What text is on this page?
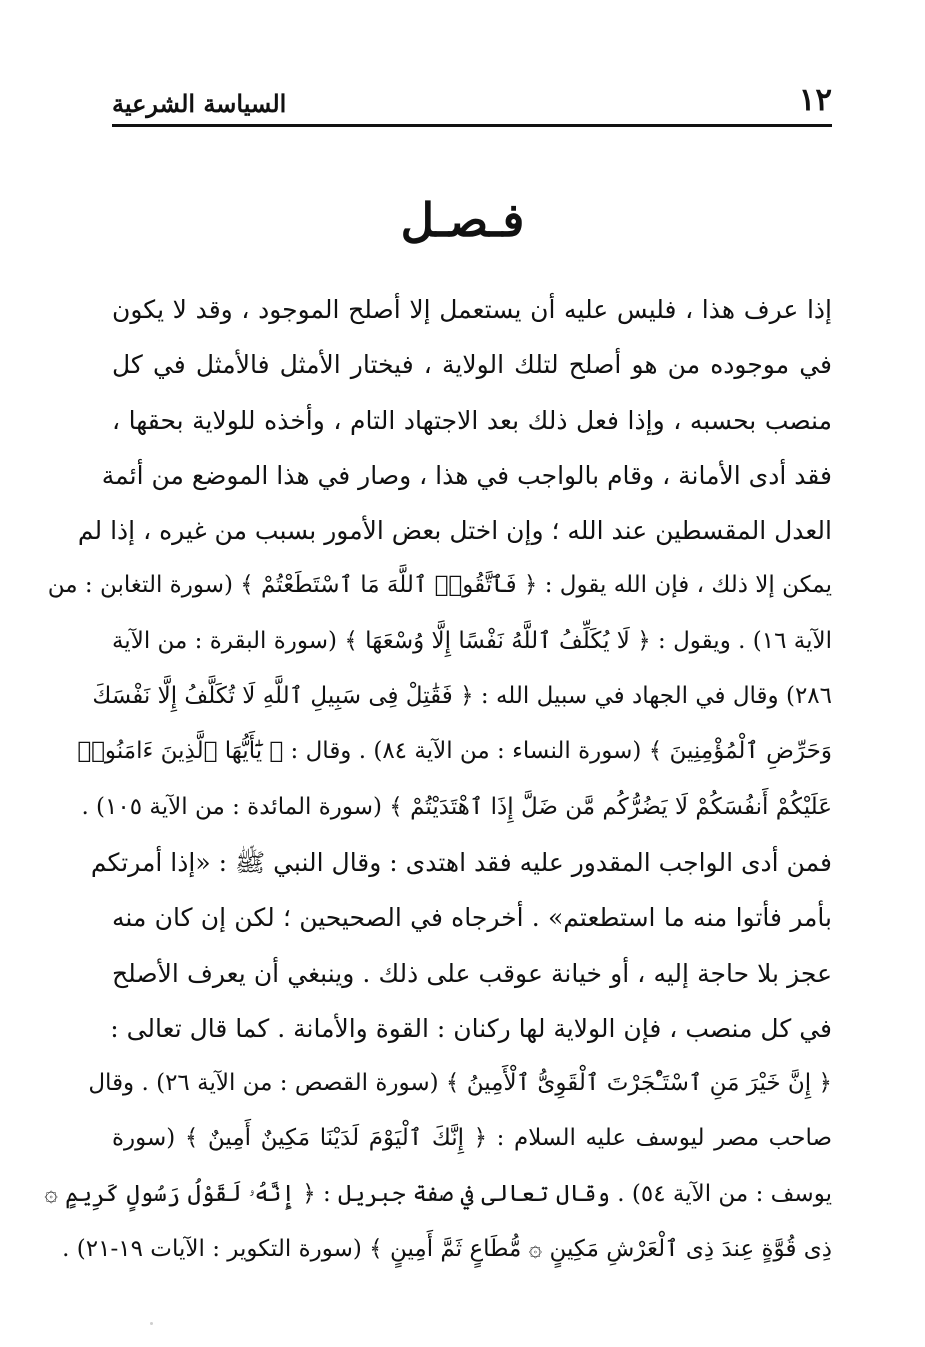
١٢
السياسة الشرعية
فـصـل
إذا عرف هذا ، فليس عليه أن يستعمل إلا أصلح الموجود ، وقد لا يكون
في موجوده من هو أصلح لتلك الولاية ، فيختار الأمثل فالأمثل في كل
منصب بحسبه ، وإذا فعل ذلك بعد الاجتهاد التام ، وأخذه للولاية بحقها ،
فقد أدى الأمانة ، وقام بالواجب في هذا ، وصار في هذا الموضع من أئمة
العدل المقسطين عند الله ؛ وإن اختل بعض الأمور بسبب من غيره ، إذا لم
يمكن إلا ذلك ، فإن الله يقول : ﴿ فَٱتَّقُوا۟ ٱللَّهَ مَا ٱسْتَطَعْتُمْ ﴾ (سورة التغابن : من
الآية ١٦) . ويقول : ﴿ لَا يُكَلِّفُ ٱللَّهُ نَفْسًا إِلَّا وُسْعَهَا ﴾ (سورة البقرة : من الآية
٢٨٦) وقال في الجهاد في سبيل الله : ﴿ فَقَٰتِلْ فِى سَبِيلِ ٱللَّهِ لَا تُكَلَّفُ إِلَّا نَفْسَكَ
وَحَرِّضِ ٱلْمُؤْمِنِينَ ﴾ (سورة النساء : من الآية ٨٤) . وقال : ﴿ يَٰٓأَيُّهَا ٱلَّذِينَ ءَامَنُوا۟
عَلَيْكُمْ أَنفُسَكُمْ لَا يَضُرُّكُم مَّن ضَلَّ إِذَا ٱهْتَدَيْتُمْ ﴾ (سورة المائدة : من الآية ١٠٥) .
فمن أدى الواجب المقدور عليه فقد اهتدى : وقال النبي ﷺ : «إذا أمرتكم
بأمر فأتوا منه ما استطعتم» . أخرجاه في الصحيحين ؛ لكن إن كان منه
عجز بلا حاجة إليه ، أو خيانة عوقب على ذلك . وينبغي أن يعرف الأصلح
في كل منصب ، فإن الولاية لها ركنان : القوة والأمانة . كما قال تعالى :
﴿ إِنَّ خَيْرَ مَنِ ٱسْتَـْٔجَرْتَ ٱلْقَوِىُّ ٱلْأَمِينُ ﴾ (سورة القصص : من الآية ٢٦) . وقال
صاحب مصر ليوسف عليه السلام : ﴿ إِنَّكَ ٱلْيَوْمَ لَدَيْنَا مَكِينٌ أَمِينٌ ﴾ (سورة
يوسف : من الآية ٥٤) . وقال تعالى في صفة جبريل : ﴿ إِنَّهُۥ لَقَوْلُ رَسُولٍ كَرِيمٍ ۞
ذِى قُوَّةٍ عِندَ ذِى ٱلْعَرْشِ مَكِينٍ ۞ مُّطَاعٍ ثَمَّ أَمِينٍ ﴾ (سورة التكوير : الآيات ١٩-٢١) .
